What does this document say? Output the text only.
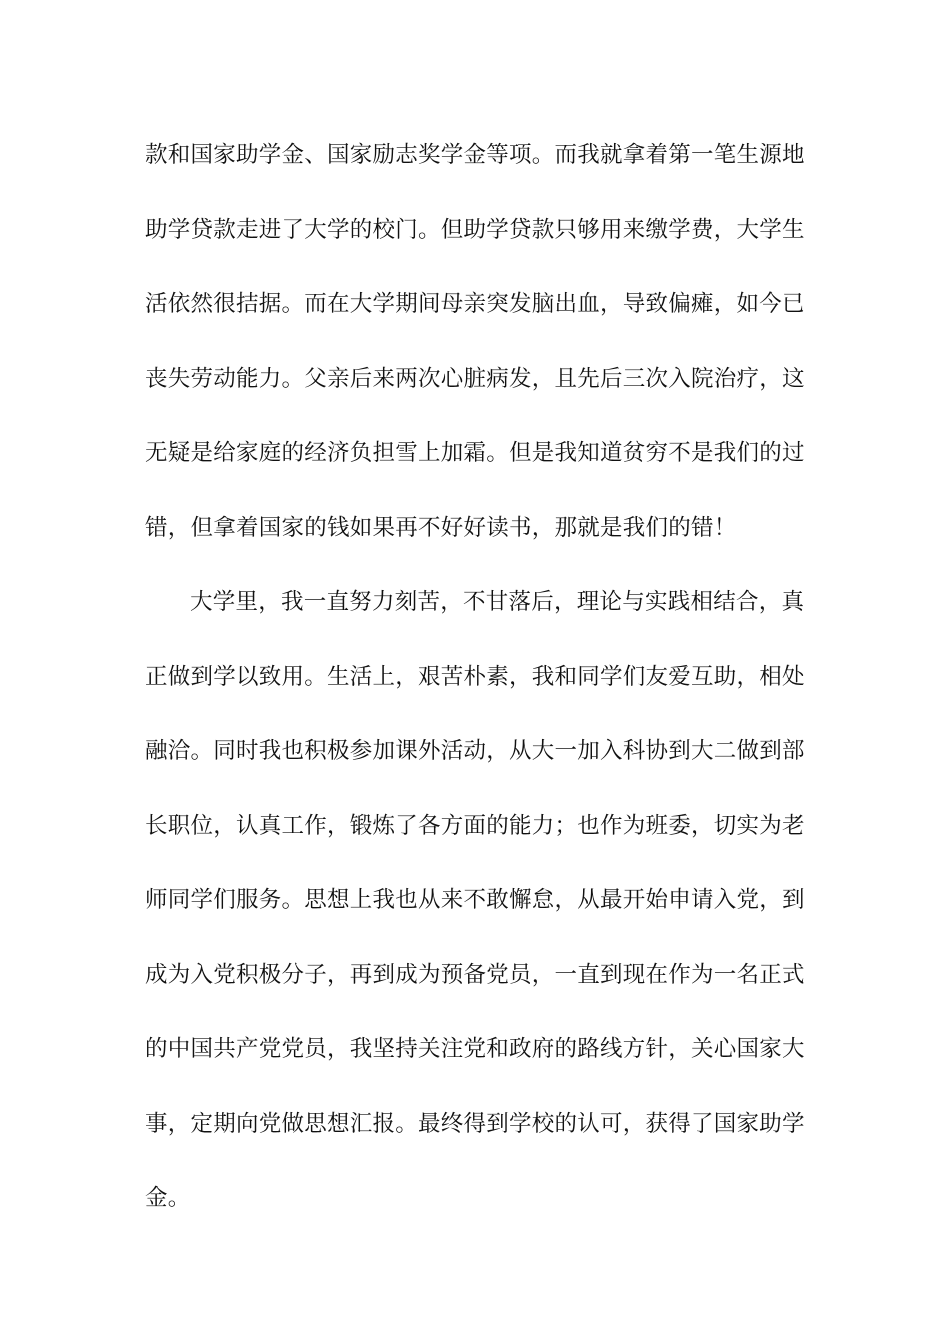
款和国家助学金、国家励志奖学金等项。而我就拿着第一笔生源地
助学贷款走进了大学的校门。但助学贷款只够用来缴学费，大学生
活依然很拮据。而在大学期间母亲突发脑出血，导致偏瘫，如今已
丧失劳动能力。父亲后来两次心脏病发，且先后三次入院治疗，这
无疑是给家庭的经济负担雪上加霜。但是我知道贫穷不是我们的过
错，但拿着国家的钱如果再不好好读书，那就是我们的错！
大学里，我一直努力刻苦，不甘落后，理论与实践相结合，真
正做到学以致用。生活上，艰苦朴素，我和同学们友爱互助，相处
融洽。同时我也积极参加课外活动，从大一加入科协到大二做到部
长职位，认真工作，锻炼了各方面的能力；也作为班委，切实为老
师同学们服务。思想上我也从来不敢懈怠，从最开始申请入党，到
成为入党积极分子，再到成为预备党员，一直到现在作为一名正式
的中国共产党党员，我坚持关注党和政府的路线方针，关心国家大
事，定期向党做思想汇报。最终得到学校的认可，获得了国家助学
金。
